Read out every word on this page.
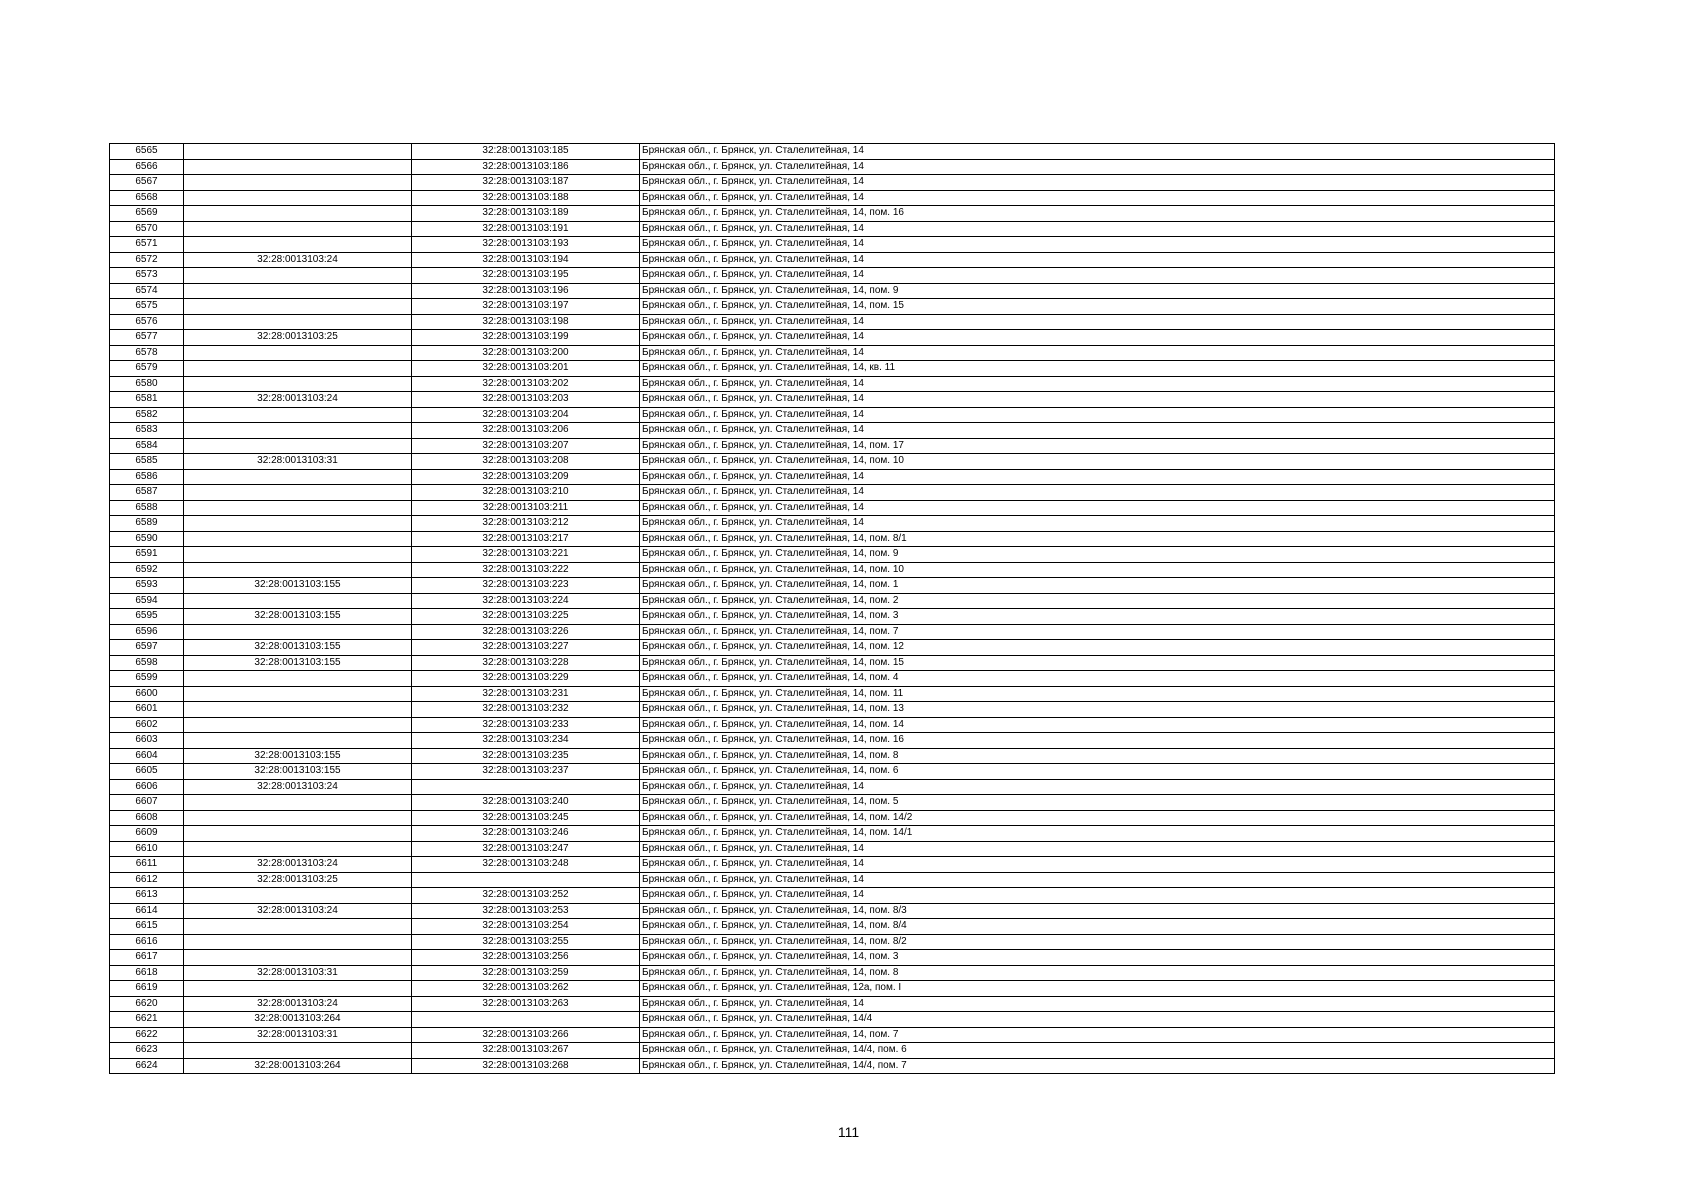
6565		32:28:0013103:185	Брянская обл., г. Брянск, ул. Сталелитейная, 14
6566		32:28:0013103:186	Брянская обл., г. Брянск, ул. Сталелитейная, 14
6567		32:28:0013103:187	Брянская обл., г. Брянск, ул. Сталелитейная, 14
6568		32:28:0013103:188	Брянская обл., г. Брянск, ул. Сталелитейная, 14
6569		32:28:0013103:189	Брянская обл., г. Брянск, ул. Сталелитейная, 14, пом. 16
6570		32:28:0013103:191	Брянская обл., г. Брянск, ул. Сталелитейная, 14
6571		32:28:0013103:193	Брянская обл., г. Брянск, ул. Сталелитейная, 14
6572	32:28:0013103:24	32:28:0013103:194	Брянская обл., г. Брянск, ул. Сталелитейная, 14
6573		32:28:0013103:195	Брянская обл., г. Брянск, ул. Сталелитейная, 14
6574		32:28:0013103:196	Брянская обл., г. Брянск, ул. Сталелитейная, 14, пом. 9
6575		32:28:0013103:197	Брянская обл., г. Брянск, ул. Сталелитейная, 14, пом. 15
6576		32:28:0013103:198	Брянская обл., г. Брянск, ул. Сталелитейная, 14
6577	32:28:0013103:25	32:28:0013103:199	Брянская обл., г. Брянск, ул. Сталелитейная, 14
6578		32:28:0013103:200	Брянская обл., г. Брянск, ул. Сталелитейная, 14
6579		32:28:0013103:201	Брянская обл., г. Брянск, ул. Сталелитейная, 14, кв. 11
6580		32:28:0013103:202	Брянская обл., г. Брянск, ул. Сталелитейная, 14
6581	32:28:0013103:24	32:28:0013103:203	Брянская обл., г. Брянск, ул. Сталелитейная, 14
6582		32:28:0013103:204	Брянская обл., г. Брянск, ул. Сталелитейная, 14
6583		32:28:0013103:206	Брянская обл., г. Брянск, ул. Сталелитейная, 14
6584		32:28:0013103:207	Брянская обл., г. Брянск, ул. Сталелитейная, 14, пом. 17
6585	32:28:0013103:31	32:28:0013103:208	Брянская обл., г. Брянск, ул. Сталелитейная, 14, пом. 10
6586		32:28:0013103:209	Брянская обл., г. Брянск, ул. Сталелитейная, 14
6587		32:28:0013103:210	Брянская обл., г. Брянск, ул. Сталелитейная, 14
6588		32:28:0013103:211	Брянская обл., г. Брянск, ул. Сталелитейная, 14
6589		32:28:0013103:212	Брянская обл., г. Брянск, ул. Сталелитейная, 14
6590		32:28:0013103:217	Брянская обл., г. Брянск, ул. Сталелитейная, 14, пом. 8/1
6591		32:28:0013103:221	Брянская обл., г. Брянск, ул. Сталелитейная, 14, пом. 9
6592		32:28:0013103:222	Брянская обл., г. Брянск, ул. Сталелитейная, 14, пом. 10
6593	32:28:0013103:155	32:28:0013103:223	Брянская обл., г. Брянск, ул. Сталелитейная, 14, пом. 1
6594		32:28:0013103:224	Брянская обл., г. Брянск, ул. Сталелитейная, 14, пом. 2
6595	32:28:0013103:155	32:28:0013103:225	Брянская обл., г. Брянск, ул. Сталелитейная, 14, пом. 3
6596		32:28:0013103:226	Брянская обл., г. Брянск, ул. Сталелитейная, 14, пом. 7
6597	32:28:0013103:155	32:28:0013103:227	Брянская обл., г. Брянск, ул. Сталелитейная, 14, пом. 12
6598	32:28:0013103:155	32:28:0013103:228	Брянская обл., г. Брянск, ул. Сталелитейная, 14, пом. 15
6599		32:28:0013103:229	Брянская обл., г. Брянск, ул. Сталелитейная, 14, пом. 4
6600		32:28:0013103:231	Брянская обл., г. Брянск, ул. Сталелитейная, 14, пом. 11
6601		32:28:0013103:232	Брянская обл., г. Брянск, ул. Сталелитейная, 14, пом. 13
6602		32:28:0013103:233	Брянская обл., г. Брянск, ул. Сталелитейная, 14, пом. 14
6603		32:28:0013103:234	Брянская обл., г. Брянск, ул. Сталелитейная, 14, пом. 16
6604	32:28:0013103:155	32:28:0013103:235	Брянская обл., г. Брянск, ул. Сталелитейная, 14, пом. 8
6605	32:28:0013103:155	32:28:0013103:237	Брянская обл., г. Брянск, ул. Сталелитейная, 14, пом. 6
6606	32:28:0013103:24		Брянская обл., г. Брянск, ул. Сталелитейная, 14
6607		32:28:0013103:240	Брянская обл., г. Брянск, ул. Сталелитейная, 14, пом. 5
6608		32:28:0013103:245	Брянская обл., г. Брянск, ул. Сталелитейная, 14, пом. 14/2
6609		32:28:0013103:246	Брянская обл., г. Брянск, ул. Сталелитейная, 14, пом. 14/1
6610		32:28:0013103:247	Брянская обл., г. Брянск, ул. Сталелитейная, 14
6611	32:28:0013103:24	32:28:0013103:248	Брянская обл., г. Брянск, ул. Сталелитейная, 14
6612	32:28:0013103:25		Брянская обл., г. Брянск, ул. Сталелитейная, 14
6613		32:28:0013103:252	Брянская обл., г. Брянск, ул. Сталелитейная, 14
6614	32:28:0013103:24	32:28:0013103:253	Брянская обл., г. Брянск, ул. Сталелитейная, 14, пом. 8/3
6615		32:28:0013103:254	Брянская обл., г. Брянск, ул. Сталелитейная, 14, пом. 8/4
6616		32:28:0013103:255	Брянская обл., г. Брянск, ул. Сталелитейная, 14, пом. 8/2
6617		32:28:0013103:256	Брянская обл., г. Брянск, ул. Сталелитейная, 14, пом. 3
6618	32:28:0013103:31	32:28:0013103:259	Брянская обл., г. Брянск, ул. Сталелитейная, 14, пом. 8
6619		32:28:0013103:262	Брянская обл., г. Брянск, ул. Сталелитейная, 12а, пом. I
6620	32:28:0013103:24	32:28:0013103:263	Брянская обл., г. Брянск, ул. Сталелитейная, 14
6621	32:28:0013103:264		Брянская обл., г. Брянск, ул. Сталелитейная, 14/4
6622	32:28:0013103:31	32:28:0013103:266	Брянская обл., г. Брянск, ул. Сталелитейная, 14, пом. 7
6623		32:28:0013103:267	Брянская обл., г. Брянск, ул. Сталелитейная, 14/4, пом. 6
6624	32:28:0013103:264	32:28:0013103:268	Брянская обл., г. Брянск, ул. Сталелитейная, 14/4, пом. 7
111
